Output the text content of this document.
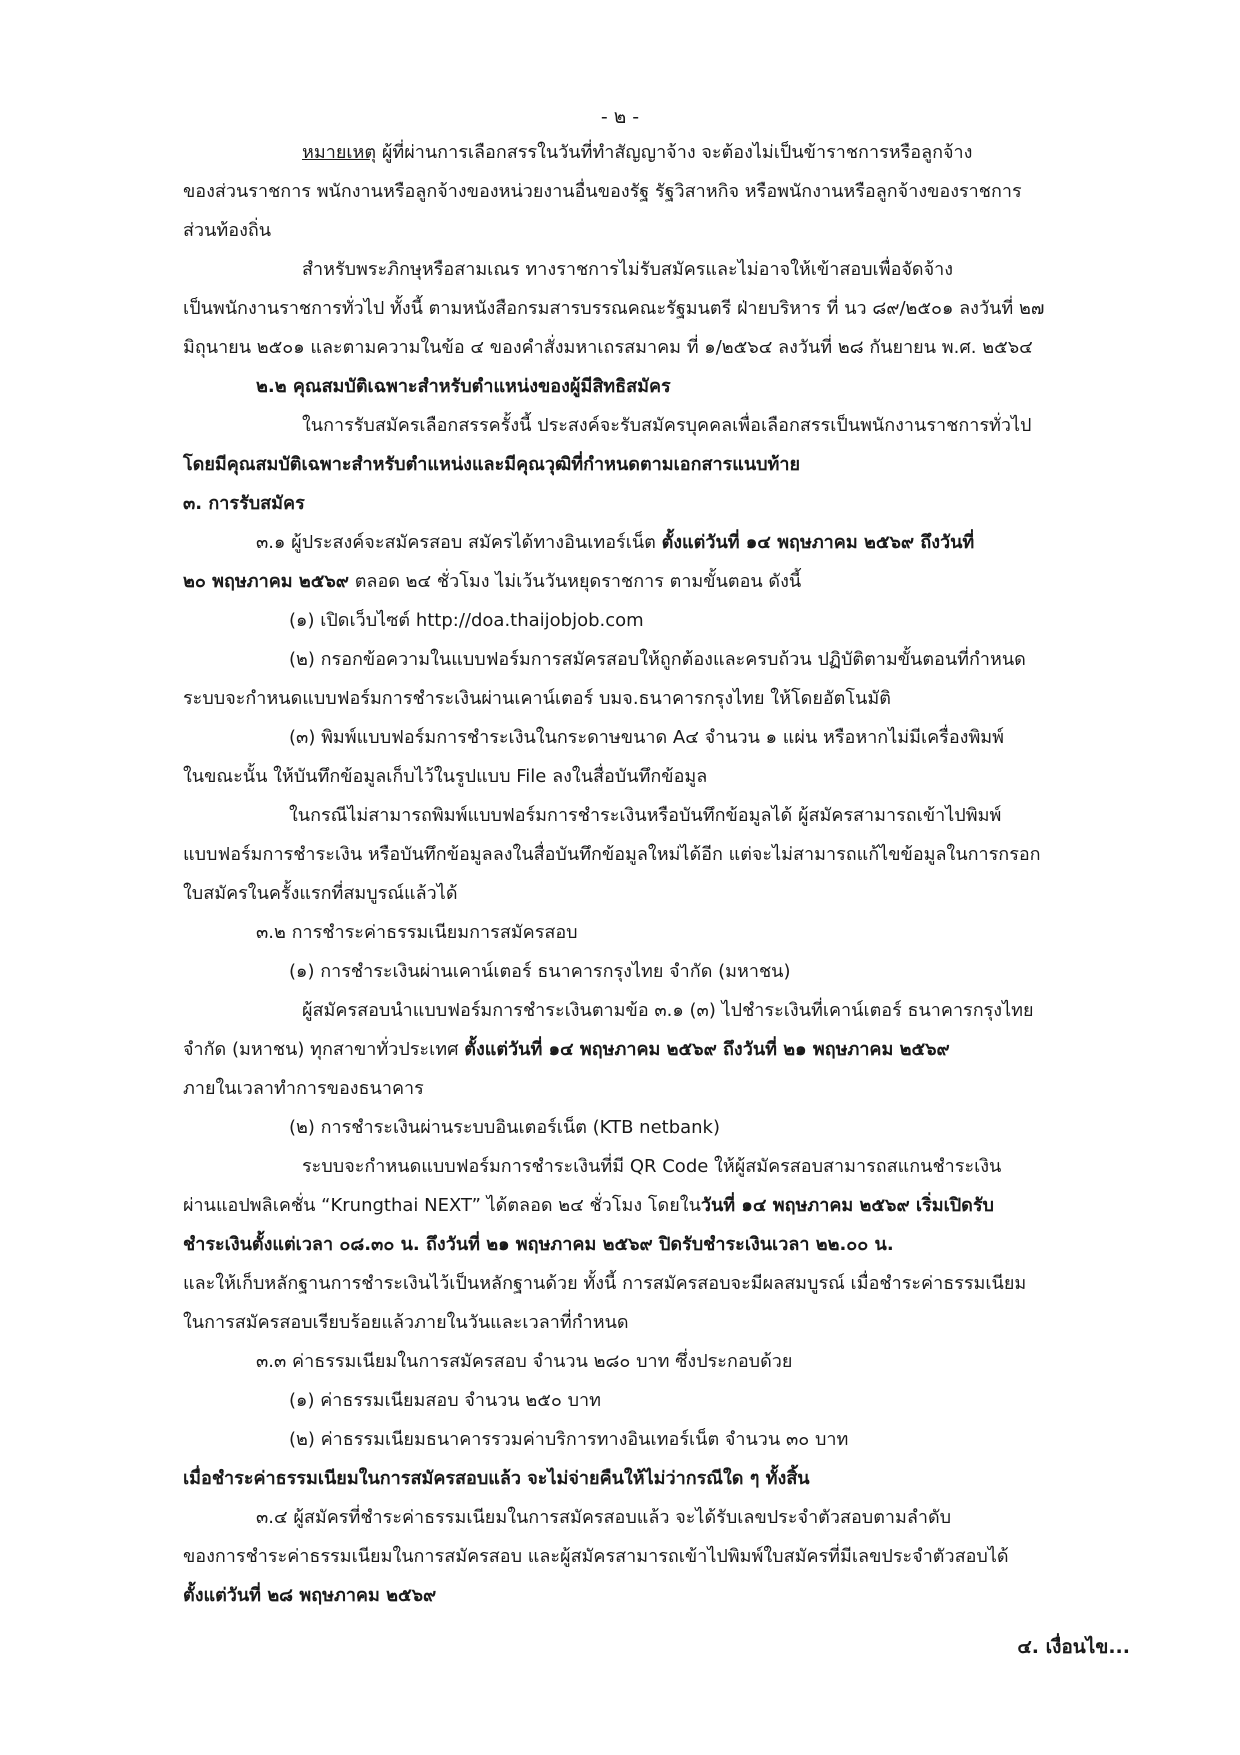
- ๒ -
หมายเหตุ ผู้ที่ผ่านการเลือกสรรในวันที่ทำสัญญาจ้าง จะต้องไม่เป็นข้าราชการหรือลูกจ้าง
ของส่วนราชการ พนักงานหรือลูกจ้างของหน่วยงานอื่นของรัฐ รัฐวิสาหกิจ หรือพนักงานหรือลูกจ้างของราชการ
ส่วนท้องถิ่น
สำหรับพระภิกษุหรือสามเณร ทางราชการไม่รับสมัครและไม่อาจให้เข้าสอบเพื่อจัดจ้าง
เป็นพนักงานราชการทั่วไป ทั้งนี้ ตามหนังสือกรมสารบรรณคณะรัฐมนตรี ฝ่ายบริหาร ที่ นว ๘๙/๒๕๐๑ ลงวันที่ ๒๗
มิถุนายน ๒๕๐๑ และตามความในข้อ ๔ ของคำสั่งมหาเถรสมาคม ที่ ๑/๒๕๖๔ ลงวันที่ ๒๘ กันยายน พ.ศ. ๒๕๖๔
๒.๒ คุณสมบัติเฉพาะสำหรับตำแหน่งของผู้มีสิทธิสมัคร
ในการรับสมัครเลือกสรรครั้งนี้ ประสงค์จะรับสมัครบุคคลเพื่อเลือกสรรเป็นพนักงานราชการทั่วไป
โดยมีคุณสมบัติเฉพาะสำหรับตำแหน่งและมีคุณวุฒิที่กำหนดตามเอกสารแนบท้าย
๓. การรับสมัคร
๓.๑ ผู้ประสงค์จะสมัครสอบ สมัครได้ทางอินเทอร์เน็ต ตั้งแต่วันที่ ๑๔ พฤษภาคม ๒๕๖๙ ถึงวันที่
๒๐ พฤษภาคม ๒๕๖๙ ตลอด ๒๔ ชั่วโมง ไม่เว้นวันหยุดราชการ ตามขั้นตอน ดังนี้
(๑) เปิดเว็บไซต์ http://doa.thaijobjob.com
(๒) กรอกข้อความในแบบฟอร์มการสมัครสอบให้ถูกต้องและครบถ้วน ปฏิบัติตามขั้นตอนที่กำหนด
ระบบจะกำหนดแบบฟอร์มการชำระเงินผ่านเคาน์เตอร์ บมจ.ธนาคารกรุงไทย ให้โดยอัตโนมัติ
(๓) พิมพ์แบบฟอร์มการชำระเงินในกระดาษขนาด A๔ จำนวน ๑ แผ่น หรือหากไม่มีเครื่องพิมพ์
ในขณะนั้น ให้บันทึกข้อมูลเก็บไว้ในรูปแบบ File ลงในสื่อบันทึกข้อมูล
ในกรณีไม่สามารถพิมพ์แบบฟอร์มการชำระเงินหรือบันทึกข้อมูลได้ ผู้สมัครสามารถเข้าไปพิมพ์
แบบฟอร์มการชำระเงิน หรือบันทึกข้อมูลลงในสื่อบันทึกข้อมูลใหม่ได้อีก แต่จะไม่สามารถแก้ไขข้อมูลในการกรอก
ใบสมัครในครั้งแรกที่สมบูรณ์แล้วได้
๓.๒ การชำระค่าธรรมเนียมการสมัครสอบ
(๑) การชำระเงินผ่านเคาน์เตอร์ ธนาคารกรุงไทย จำกัด (มหาชน)
ผู้สมัครสอบนำแบบฟอร์มการชำระเงินตามข้อ ๓.๑ (๓) ไปชำระเงินที่เคาน์เตอร์ ธนาคารกรุงไทย
จำกัด (มหาชน) ทุกสาขาทั่วประเทศ ตั้งแต่วันที่ ๑๔ พฤษภาคม ๒๕๖๙ ถึงวันที่ ๒๑ พฤษภาคม ๒๕๖๙
ภายในเวลาทำการของธนาคาร
(๒) การชำระเงินผ่านระบบอินเตอร์เน็ต (KTB netbank)
ระบบจะกำหนดแบบฟอร์มการชำระเงินที่มี QR Code ให้ผู้สมัครสอบสามารถสแกนชำระเงิน
ผ่านแอปพลิเคชั่น “Krungthai NEXT” ได้ตลอด ๒๔ ชั่วโมง โดยในวันที่ ๑๔ พฤษภาคม ๒๕๖๙ เริ่มเปิดรับ
ชำระเงินตั้งแต่เวลา ๐๘.๓๐ น. ถึงวันที่ ๒๑ พฤษภาคม ๒๕๖๙ ปิดรับชำระเงินเวลา ๒๒.๐๐ น.
และให้เก็บหลักฐานการชำระเงินไว้เป็นหลักฐานด้วย ทั้งนี้ การสมัครสอบจะมีผลสมบูรณ์ เมื่อชำระค่าธรรมเนียม
ในการสมัครสอบเรียบร้อยแล้วภายในวันและเวลาที่กำหนด
๓.๓ ค่าธรรมเนียมในการสมัครสอบ จำนวน ๒๘๐ บาท ซึ่งประกอบด้วย
(๑) ค่าธรรมเนียมสอบ จำนวน ๒๕๐ บาท
(๒) ค่าธรรมเนียมธนาคารรวมค่าบริการทางอินเทอร์เน็ต จำนวน ๓๐ บาท
เมื่อชำระค่าธรรมเนียมในการสมัครสอบแล้ว จะไม่จ่ายคืนให้ไม่ว่ากรณีใด ๆ ทั้งสิ้น
๓.๔ ผู้สมัครที่ชำระค่าธรรมเนียมในการสมัครสอบแล้ว จะได้รับเลขประจำตัวสอบตามลำดับ
ของการชำระค่าธรรมเนียมในการสมัครสอบ และผู้สมัครสามารถเข้าไปพิมพ์ใบสมัครที่มีเลขประจำตัวสอบได้
ตั้งแต่วันที่ ๒๘ พฤษภาคม ๒๕๖๙
๔. เงื่อนไข...
